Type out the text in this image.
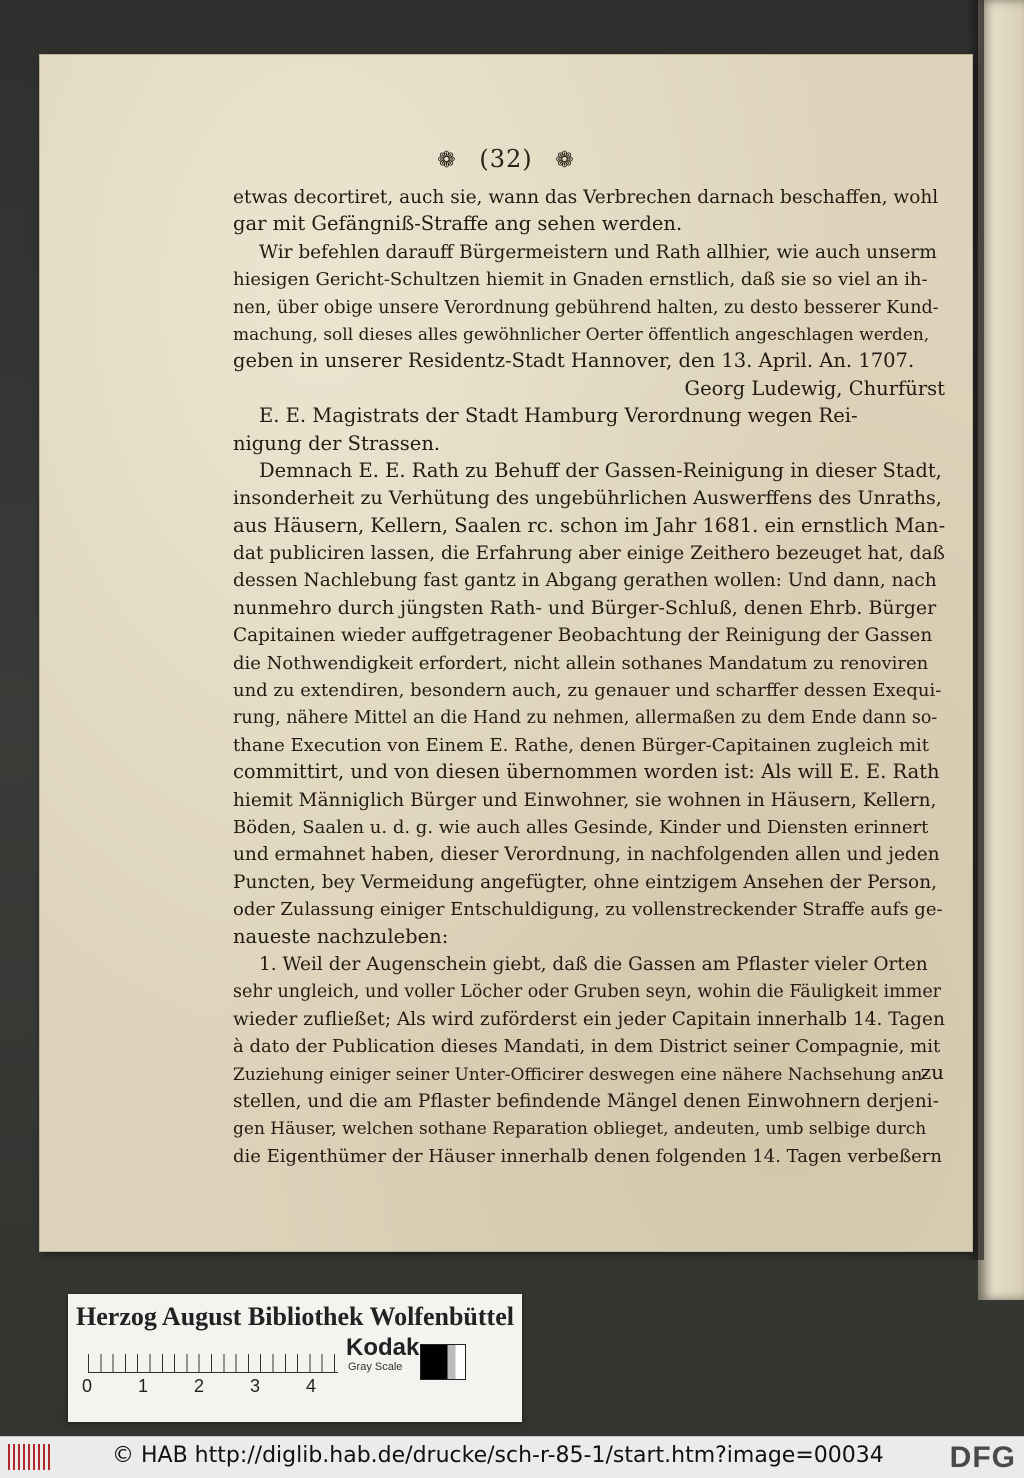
❁ (32) ❁
etwas decortiret, auch sie, wann das Verbrechen darnach beschaffen, wohl
gar mit Gefängniß-Straffe ang sehen werden.
Wir befehlen darauff Bürgermeistern und Rath allhier, wie auch unserm
hiesigen Gericht-Schultzen hiemit in Gnaden ernstlich, daß sie so viel an ih-
nen, über obige unsere Verordnung gebührend halten, zu desto besserer Kund-
machung, soll dieses alles gewöhnlicher Oerter öffentlich angeschlagen werden,
geben in unserer Residentz-Stadt Hannover, den 13. April. An. 1707.
Georg Ludewig, Churfürst
E. E. Magistrats der Stadt Hamburg Verordnung wegen Rei-
nigung der Strassen.
Demnach E. E. Rath zu Behuff der Gassen-Reinigung in dieser Stadt,
insonderheit zu Verhütung des ungebührlichen Auswerffens des Unraths,
aus Häusern, Kellern, Saalen rc. schon im Jahr 1681. ein ernstlich Man-
dat publiciren lassen, die Erfahrung aber einige Zeithero bezeuget hat, daß
dessen Nachlebung fast gantz in Abgang gerathen wollen: Und dann, nach
nunmehro durch jüngsten Rath- und Bürger-Schluß, denen Ehrb. Bürger
Capitainen wieder auffgetragener Beobachtung der Reinigung der Gassen
die Nothwendigkeit erfordert, nicht allein sothanes Mandatum zu renoviren
und zu extendiren, besondern auch, zu genauer und scharffer dessen Exequi-
rung, nähere Mittel an die Hand zu nehmen, allermaßen zu dem Ende dann so-
thane Execution von Einem E. Rathe, denen Bürger-Capitainen zugleich mit
committirt, und von diesen übernommen worden ist: Als will E. E. Rath
hiemit Männiglich Bürger und Einwohner, sie wohnen in Häusern, Kellern,
Böden, Saalen u. d. g. wie auch alles Gesinde, Kinder und Diensten erinnert
und ermahnet haben, dieser Verordnung, in nachfolgenden allen und jeden
Puncten, bey Vermeidung angefügter, ohne eintzigem Ansehen der Person,
oder Zulassung einiger Entschuldigung, zu vollenstreckender Straffe aufs ge-
naueste nachzuleben:
1. Weil der Augenschein giebt, daß die Gassen am Pflaster vieler Orten
sehr ungleich, und voller Löcher oder Gruben seyn, wohin die Fäuligkeit immer
wieder zufließet; Als wird zuförderst ein jeder Capitain innerhalb 14. Tagen
à dato der Publication dieses Mandati, in dem District seiner Compagnie, mit
Zuziehung einiger seiner Unter-Officirer deswegen eine nähere Nachsehung an-
stellen, und die am Pflaster befindende Mängel denen Einwohnern derjeni-
gen Häuser, welchen sothane Reparation oblieget, andeuten, umb selbige durch
die Eigenthümer der Häuser innerhalb denen folgenden 14. Tagen verbeßern
zu
Herzog August Bibliothek Wolfenbüttel
0	1	2	3	4
Kodak
Gray Scale
© HAB http://diglib.hab.de/drucke/sch-r-85-1/start.htm?image=00034 DFG
